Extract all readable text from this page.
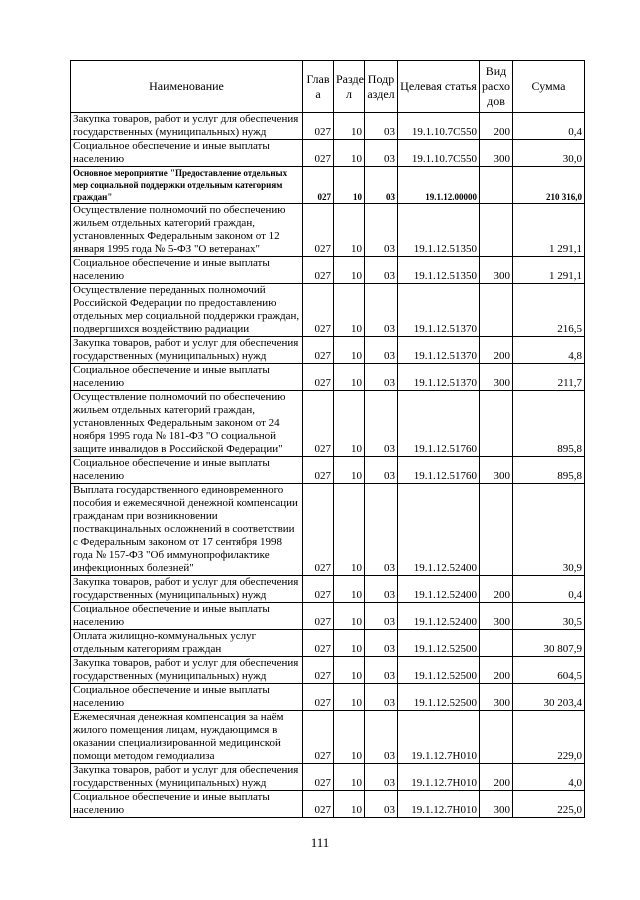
Наименование	Глав а	Разде л	Подр аздел	Целевая статья	Вид расхо дов	Сумма
Закупка товаров, работ и услуг для обеспечения государственных (муниципальных) нужд	027	10	03	19.1.10.7С550	200	0,4
Социальное обеспечение и иные выплаты населению	027	10	03	19.1.10.7С550	300	30,0
Основное мероприятие "Предоставление отдельных мер социальной поддержки отдельным категориям граждан"	027	10	03	19.1.12.00000		210 316,0
Осуществление полномочий по обеспечению жильем отдельных категорий граждан, установленных Федеральным законом от 12 января 1995 года № 5-ФЗ "О ветеранах"	027	10	03	19.1.12.51350		1 291,1
Социальное обеспечение и иные выплаты населению	027	10	03	19.1.12.51350	300	1 291,1
Осуществление переданных полномочий Российской Федерации по предоставлению отдельных мер социальной поддержки граждан, подвергшихся воздействию радиации	027	10	03	19.1.12.51370		216,5
Закупка товаров, работ и услуг для обеспечения государственных (муниципальных) нужд	027	10	03	19.1.12.51370	200	4,8
Социальное обеспечение и иные выплаты населению	027	10	03	19.1.12.51370	300	211,7
Осуществление полномочий по обеспечению жильем отдельных категорий граждан, установленных Федеральным законом от 24 ноября 1995 года № 181-ФЗ "О социальной защите инвалидов в Российской Федерации"	027	10	03	19.1.12.51760		895,8
Социальное обеспечение и иные выплаты населению	027	10	03	19.1.12.51760	300	895,8
Выплата государственного единовременного пособия и ежемесячной денежной компенсации гражданам при возникновении поствакцинальных осложнений в соответствии с Федеральным законом от 17 сентября 1998 года № 157-ФЗ "Об иммунопрофилактике инфекционных болезней"	027	10	03	19.1.12.52400		30,9
Закупка товаров, работ и услуг для обеспечения государственных (муниципальных) нужд	027	10	03	19.1.12.52400	200	0,4
Социальное обеспечение и иные выплаты населению	027	10	03	19.1.12.52400	300	30,5
Оплата жилищно-коммунальных услуг отдельным категориям граждан	027	10	03	19.1.12.52500		30 807,9
Закупка товаров, работ и услуг для обеспечения государственных (муниципальных) нужд	027	10	03	19.1.12.52500	200	604,5
Социальное обеспечение и иные выплаты населению	027	10	03	19.1.12.52500	300	30 203,4
Ежемесячная денежная компенсация за наём жилого помещения лицам, нуждающимся в оказании специализированной медицинской помощи методом гемодиализа	027	10	03	19.1.12.7Н010		229,0
Закупка товаров, работ и услуг для обеспечения государственных (муниципальных) нужд	027	10	03	19.1.12.7Н010	200	4,0
Социальное обеспечение и иные выплаты населению	027	10	03	19.1.12.7Н010	300	225,0
111
